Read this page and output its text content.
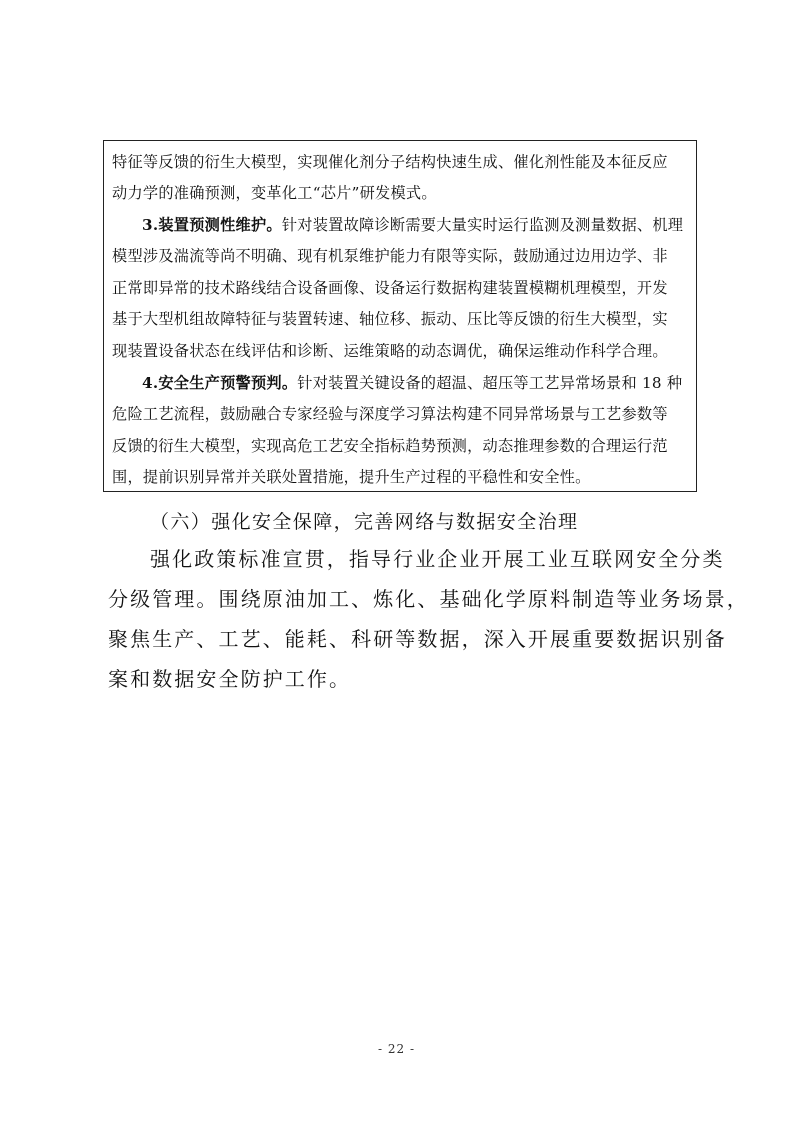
特征等反馈的衍生大模型，实现催化剂分子结构快速生成、催化剂性能及本征反应
动力学的准确预测，变革化工“芯片”研发模式。
3.装置预测性维护。针对装置故障诊断需要大量实时运行监测及测量数据、机理
模型涉及湍流等尚不明确、现有机泵维护能力有限等实际，鼓励通过边用边学、非
正常即异常的技术路线结合设备画像、设备运行数据构建装置模糊机理模型，开发
基于大型机组故障特征与装置转速、轴位移、振动、压比等反馈的衍生大模型，实
现装置设备状态在线评估和诊断、运维策略的动态调优，确保运维动作科学合理。
4.安全生产预警预判。针对装置关键设备的超温、超压等工艺异常场景和 18 种
危险工艺流程，鼓励融合专家经验与深度学习算法构建不同异常场景与工艺参数等
反馈的衍生大模型，实现高危工艺安全指标趋势预测，动态推理参数的合理运行范
围，提前识别异常并关联处置措施，提升生产过程的平稳性和安全性。
（六）强化安全保障，完善网络与数据安全治理
强化政策标准宣贯，指导行业企业开展工业互联网安全分类
分级管理。围绕原油加工、炼化、基础化学原料制造等业务场景，
聚焦生产、工艺、能耗、科研等数据，深入开展重要数据识别备
案和数据安全防护工作。
- 22 -
